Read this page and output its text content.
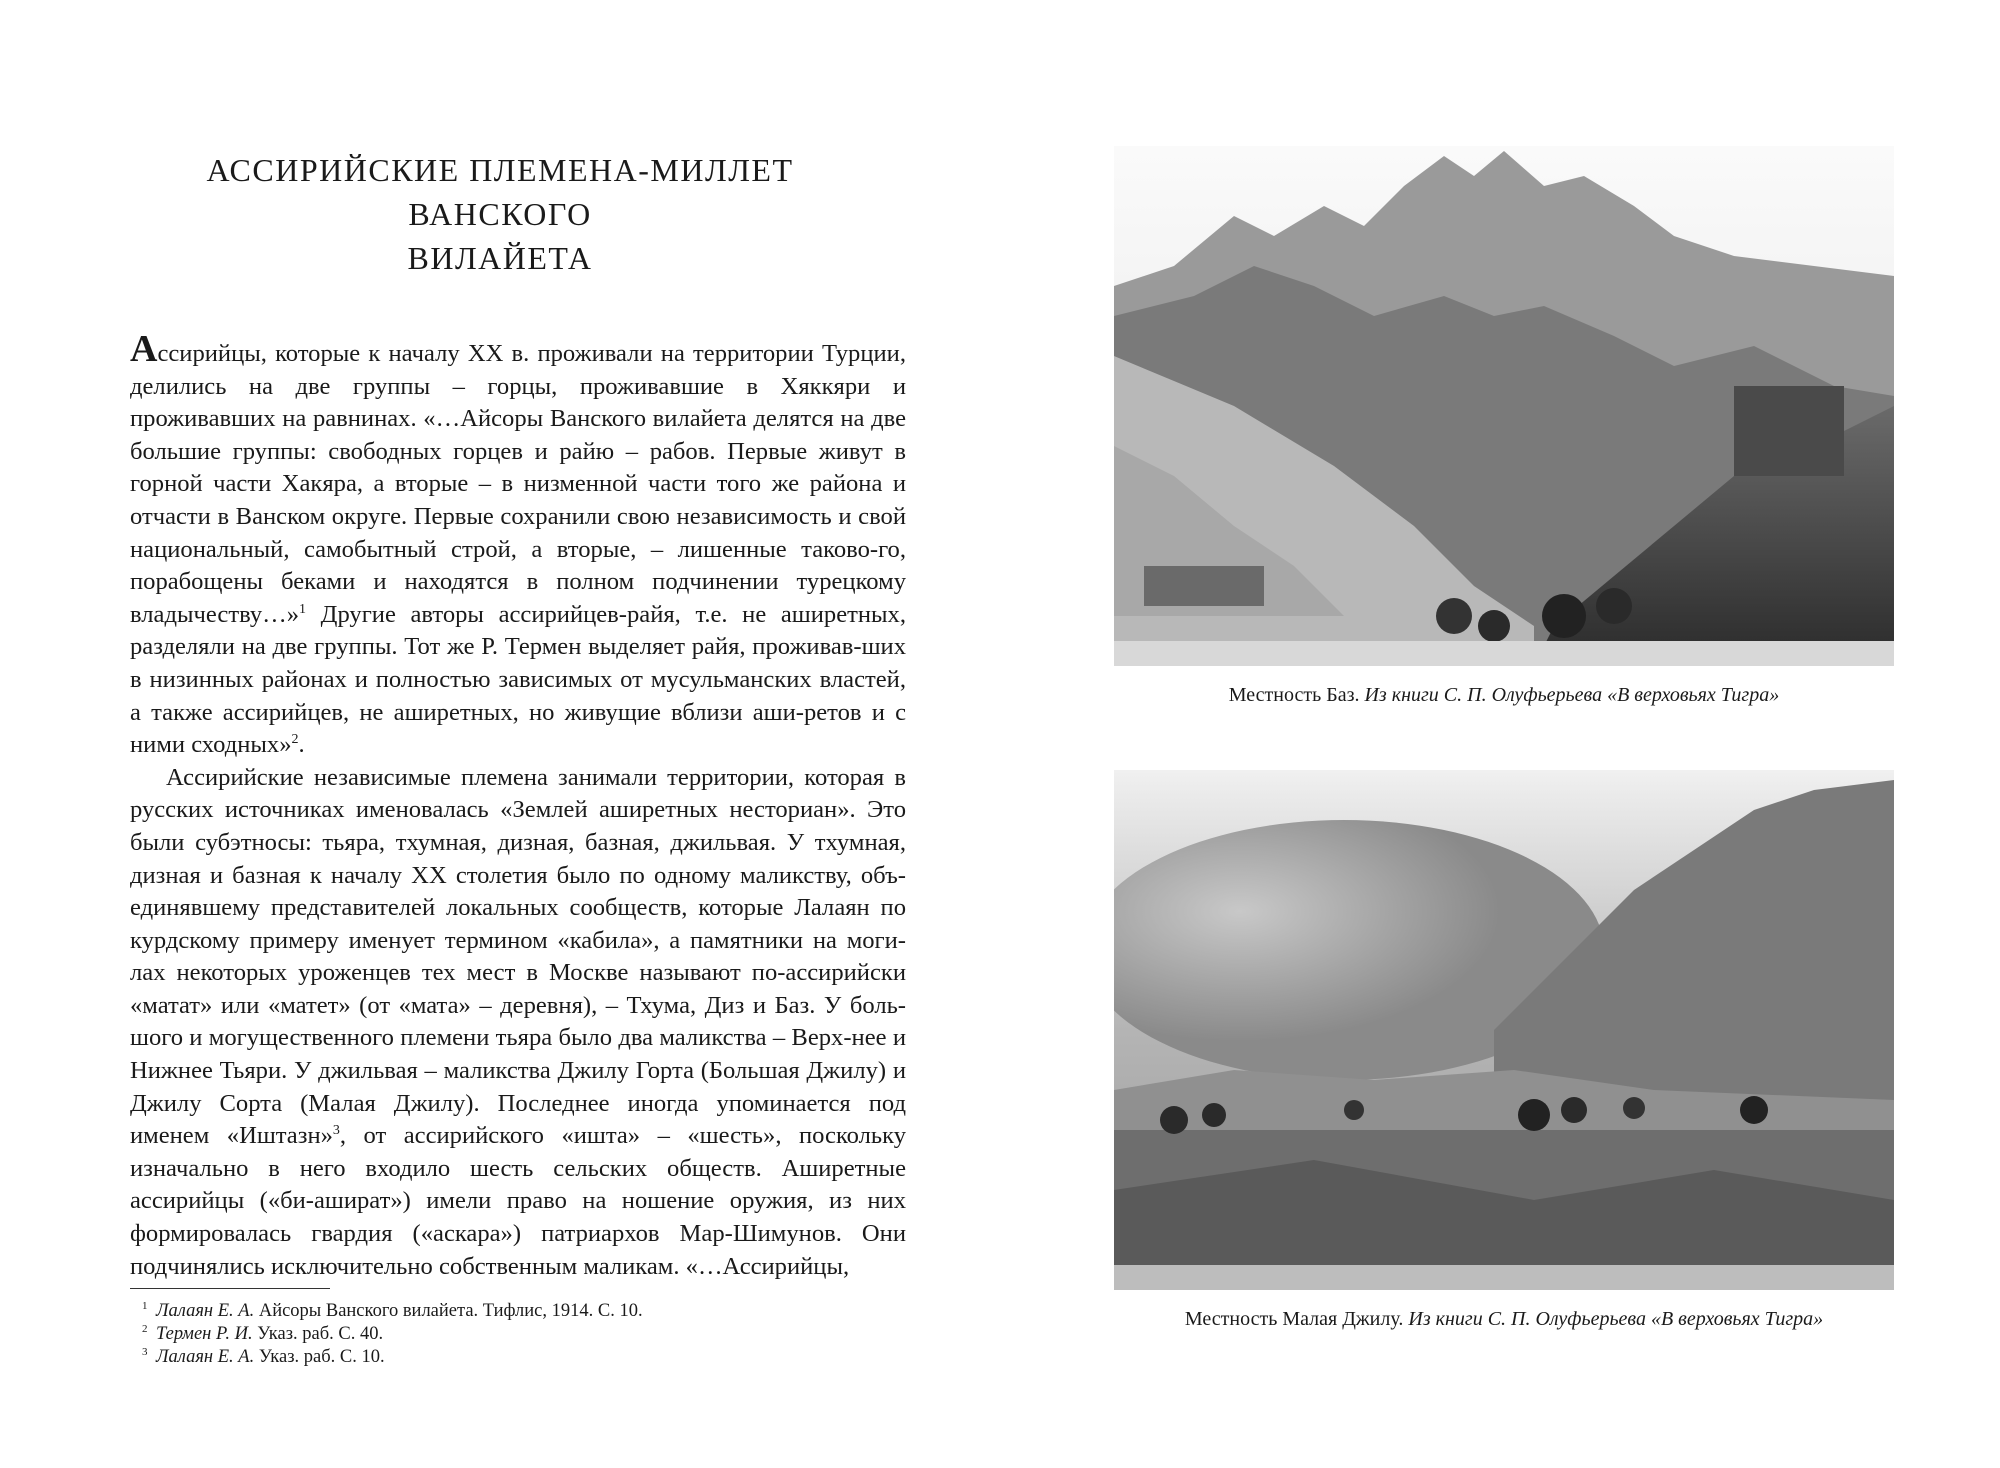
АССИРИЙСКИЕ ПЛЕМЕНА-МИЛЛЕТ ВАНСКОГО
ВИЛАЙЕТА

Ассирийцы, которые к началу XX в. проживали на территории Турции, делились на две группы – горцы, проживавшие в Хяккяри и проживавших на равнинах. «…Айсоры Ванского вилайета делятся на две большие группы: свободных горцев и райю – рабов. Первые живут в горной части Хакяра, а вторые – в низменной части того же района и отчасти в Ванском округе. Первые сохранили свою независимость и свой национальный, самобытный строй, а вторые, – лишенные таково-го, порабощены беками и находятся в полном подчинении турецкому владычеству…»$^1$ Другие авторы ассирийцев-райя, т.е. не аширетных, разделяли на две группы. Тот же Р. Термен выделяет райя, проживав-ших в низинных районах и полностью зависимых от мусульманских властей, а также ассирийцев, не аширетных, но живущие вблизи аши-ретов и с ними сходных»$^2$.

Ассирийские независимые племена занимали территории, которая в русских источниках именовалась «Землей аширетных несториан». Это были субэтносы: тьяра, тхумная, дизная, базная, джильвая. У тхумная, дизная и базная к началу XX столетия было по одному маликству, объ-единявшему представителей локальных сообществ, которые Лалаян по курдскому примеру именует термином «кабила», а памятники на моги-лах некоторых уроженцев тех мест в Москве называют по-ассирийски «матат» или «матет» (от «мата» – деревня), – Тхума, Диз и Баз. У боль-шого и могущественного племени тьяра было два маликства – Верх-нее и Нижнее Тьяри. У джильвая – маликства Джилу Горта (Большая Джилу) и Джилу Сорта (Малая Джилу). Последнее иногда упоминается под именем «Иштазн»$^3$, от ассирийского «ишта» – «шесть», поскольку изначально в него входило шесть сельских обществ. Аширетные ассирийцы («би-ашират») имели право на ношение оружия, из них формировалась гвардия («аскара») патриархов Мар-Шимунов. Они подчинялись исключительно собственным маликам. «…Ассирийцы,

1 Лалаян Е. А. Айсоры Ванского вилайета. Тифлис, 1914. С. 10.
2 Термен Р. И. Указ. раб. С. 40.
3 Лалаян Е. А. Указ. раб. С. 10.
Местность Баз. Из книги С. П. Олуфьерьева «В верховьях Тигра»
Местность Малая Джилу. Из книги С. П. Олуфьерьева «В верховьях Тигра»
